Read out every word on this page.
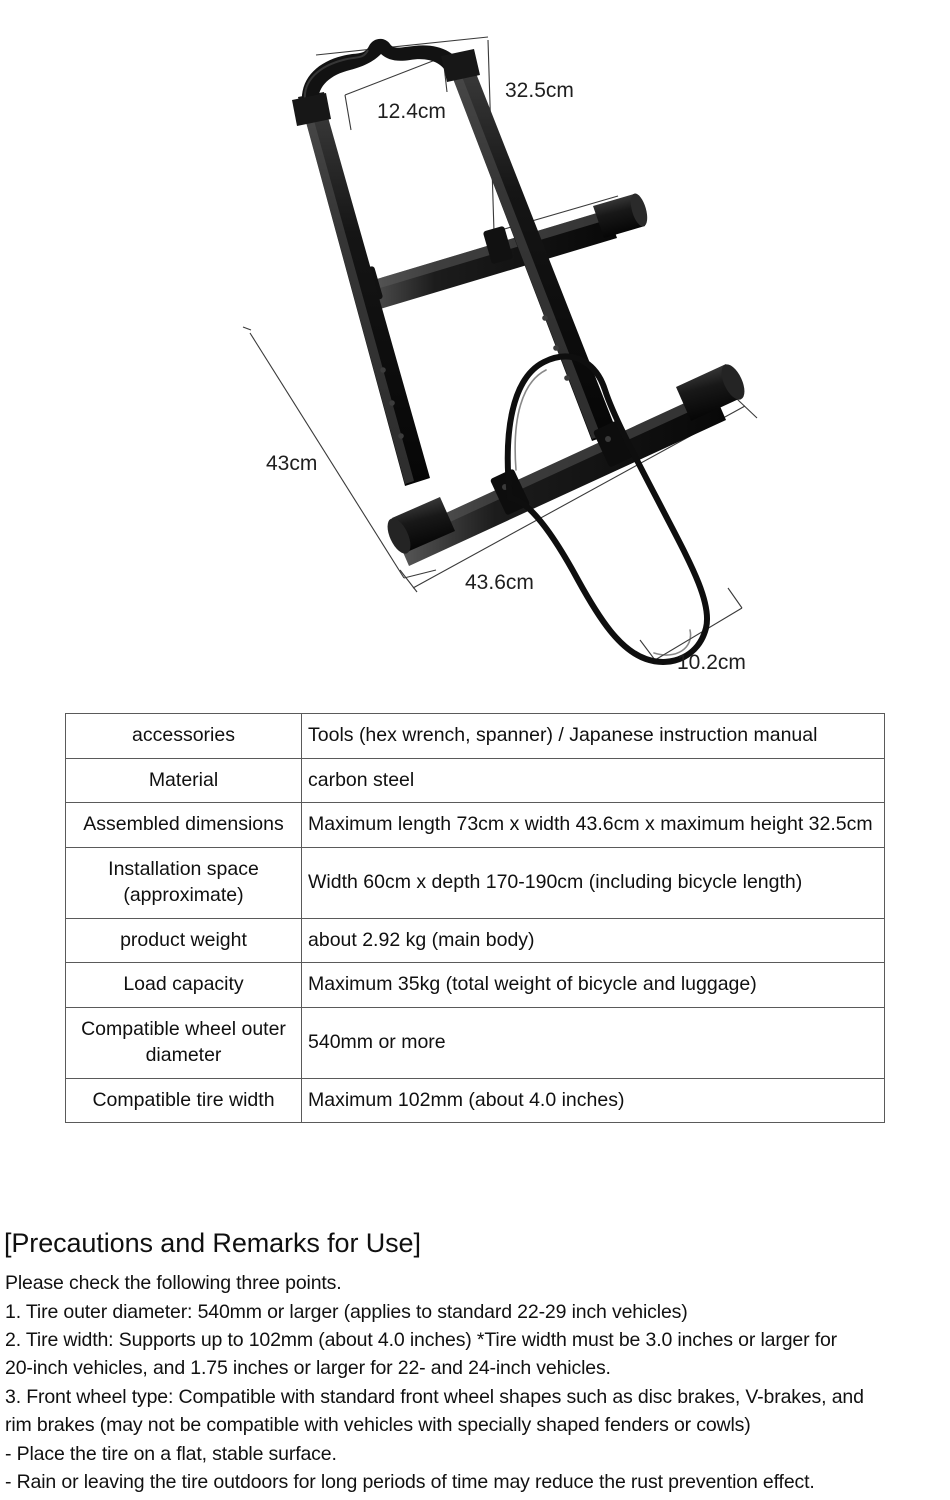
12.4cm
32.5cm
43cm
43.6cm
10.2cm
accessories	Tools (hex wrench, spanner) / Japanese instruction manual
Material	carbon steel
Assembled dimensions	Maximum length 73cm x width 43.6cm x maximum height 32.5cm
Installation space (approximate)	Width 60cm x depth 170-190cm (including bicycle length)
product weight	about 2.92 kg (main body)
Load capacity	Maximum 35kg (total weight of bicycle and luggage)
Compatible wheel outer diameter	540mm or more
Compatible tire width	Maximum 102mm (about 4.0 inches)
[Precautions and Remarks for Use]

Please check the following three points.

1. Tire outer diameter: 540mm or larger (applies to standard 22-29 inch vehicles)

2. Tire width: Supports up to 102mm (about 4.0 inches) *Tire width must be 3.0 inches or larger for

20-inch vehicles, and 1.75 inches or larger for 22- and 24-inch vehicles.

3. Front wheel type: Compatible with standard front wheel shapes such as disc brakes, V-brakes, and

rim brakes (may not be compatible with vehicles with specially shaped fenders or cowls)

- Place the tire on a flat, stable surface.

- Rain or leaving the tire outdoors for long periods of time may reduce the rust prevention effect.
